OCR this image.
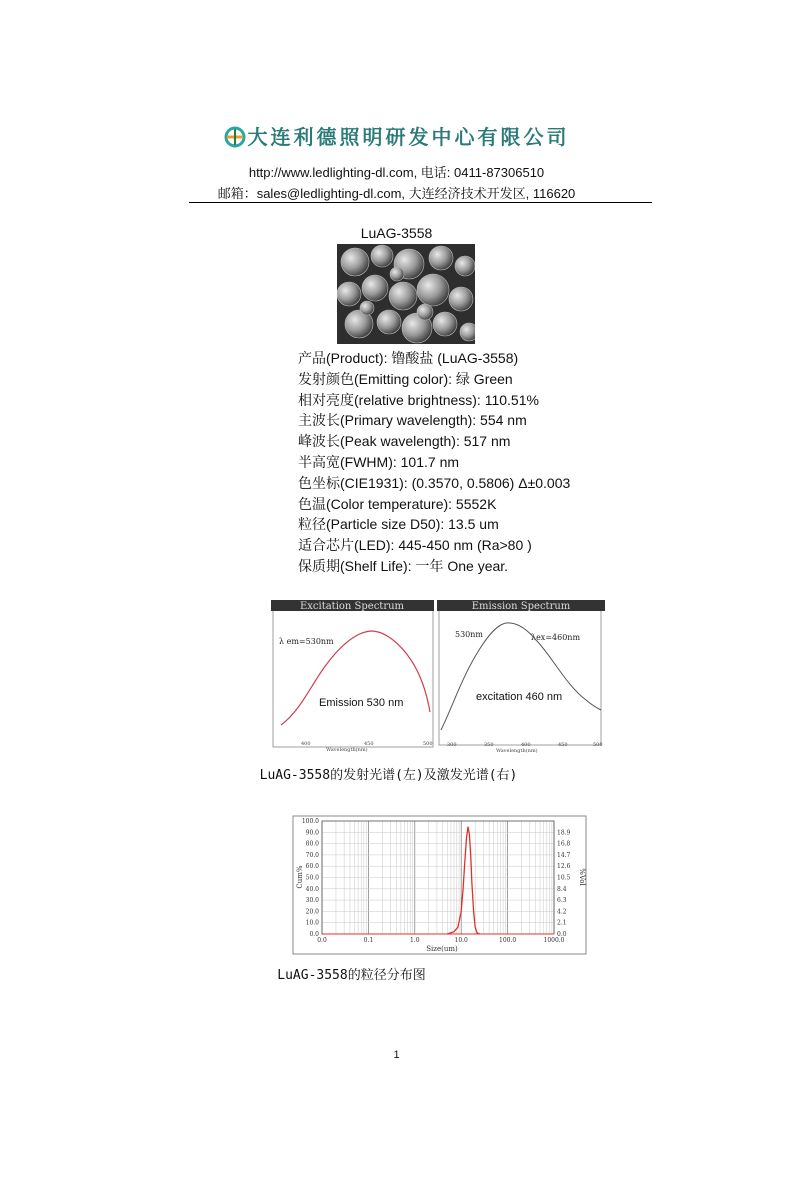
大连利德照明研发中心有限公司
http://www.ledlighting-dl.com, 电话: 0411-87306510
邮箱：sales@ledlighting-dl.com, 大连经济技术开发区, 116620
LuAG-3558
产品(Product): 镥酸盐 (LuAG-3558)
发射颜色(Emitting color): 绿 Green
相对亮度(relative brightness): 110.51%
主波长(Primary wavelength): 554 nm
峰波长(Peak wavelength): 517 nm
半高宽(FWHM): 101.7 nm
色坐标(CIE1931): (0.3570, 0.5806) Δ±0.003
色温(Color temperature): 5552K
粒径(Particle size D50): 13.5 um
适合芯片(LED): 445-450 nm (Ra>80 )
保质期(Shelf Life): 一年 One year.
Excitation Spectrum
λ em=530nm
Emission 530 nm
400	450	500
Wavelength(nm)
Emission Spectrum
530nm	λex=460nm
excitation 460 nm
300	350	400	450	500
Wavelength(nm)
LuAG-3558的发射光谱(左)及激发光谱(右)
0.0
10.0
20.0
30.0
40.0
50.0
60.0
70.0
80.0
90.0
100.0
0.0
2.1
4.2
6.3
8.4
10.5
12.6
14.7
16.8
18.9
0.0	0.1	1.0	10.0	100.0	1000.0
Cum%	%Vol
Size(um)
LuAG-3558的粒径分布图
1
